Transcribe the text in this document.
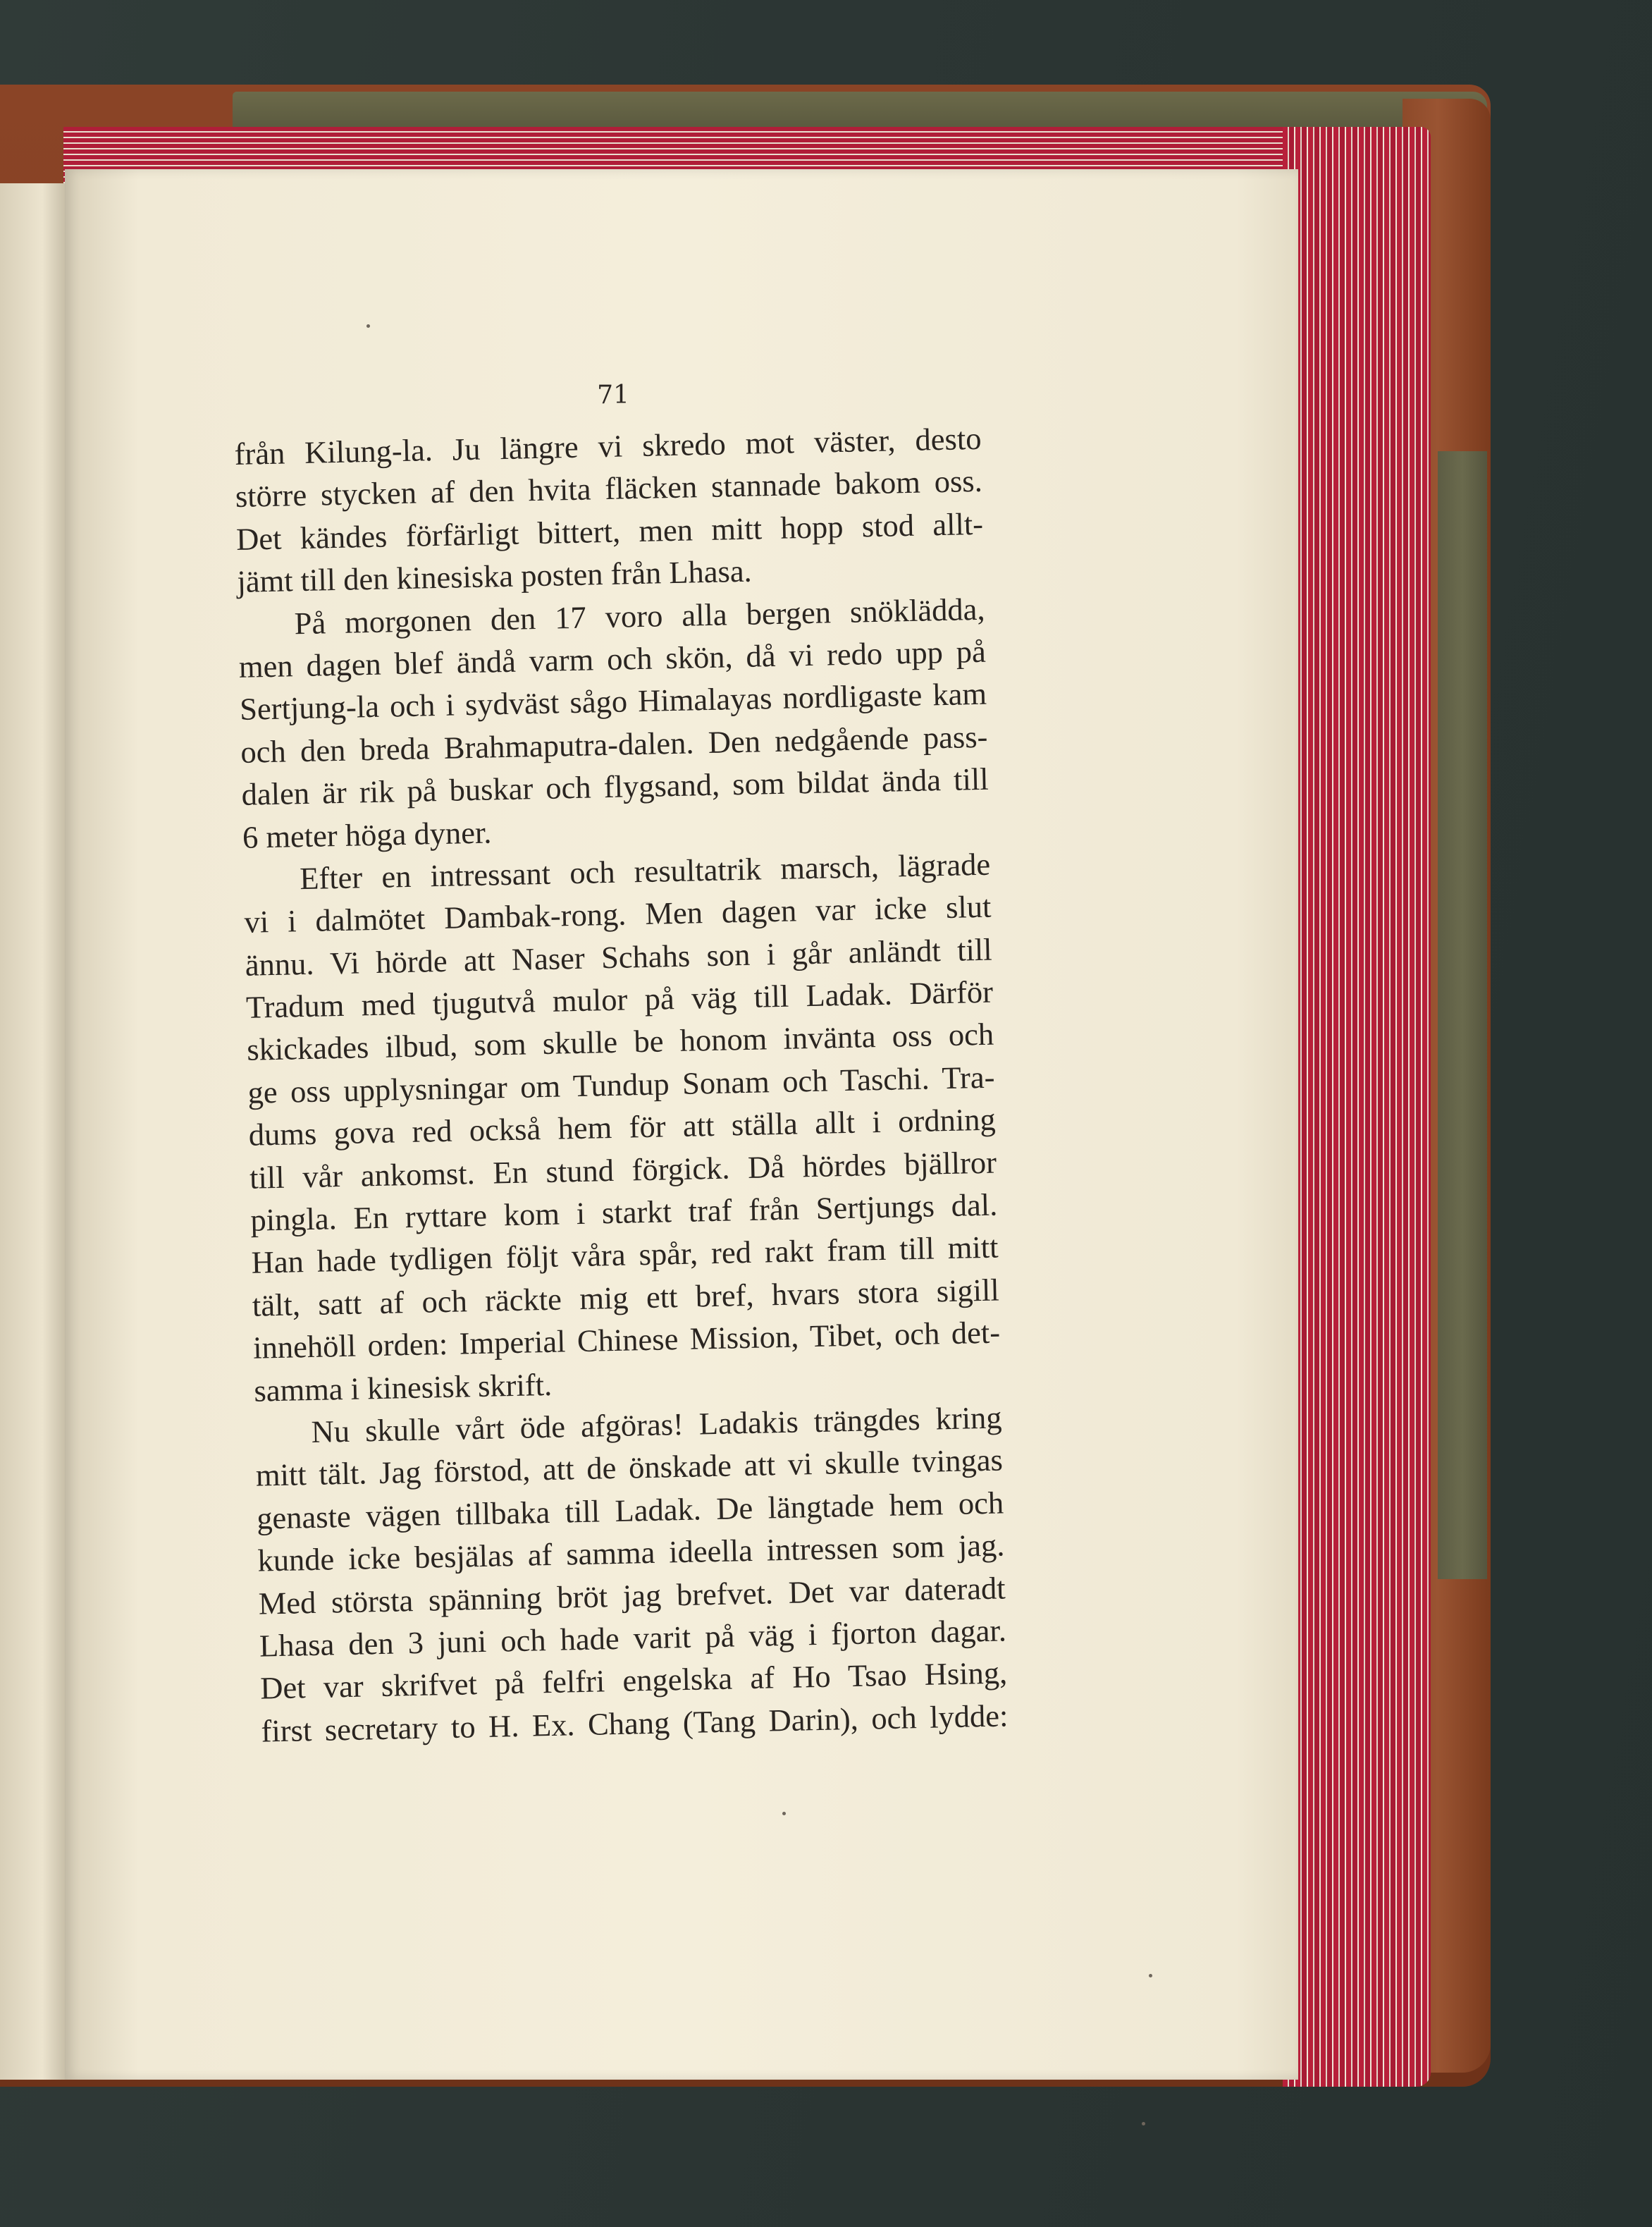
71
från Kilung-la. Ju längre vi skredo mot väster, desto
större stycken af den hvita fläcken stannade bakom oss.
Det kändes förfärligt bittert, men mitt hopp stod allt-
jämt till den kinesiska posten från Lhasa.
På morgonen den 17 voro alla bergen snöklädda,
men dagen blef ändå varm och skön, då vi redo upp på
Sertjung-la och i sydväst sågo Himalayas nordligaste kam
och den breda Brahmaputra-dalen. Den nedgående pass-
dalen är rik på buskar och flygsand, som bildat ända till
6 meter höga dyner.
Efter en intressant och resultatrik marsch, lägrade
vi i dalmötet Dambak-rong. Men dagen var icke slut
ännu. Vi hörde att Naser Schahs son i går anländt till
Tradum med tjugutvå mulor på väg till Ladak. Därför
skickades ilbud, som skulle be honom invänta oss och
ge oss upplysningar om Tundup Sonam och Taschi. Tra-
dums gova red också hem för att ställa allt i ordning
till vår ankomst. En stund förgick. Då hördes bjällror
pingla. En ryttare kom i starkt traf från Sertjungs dal.
Han hade tydligen följt våra spår, red rakt fram till mitt
tält, satt af och räckte mig ett bref, hvars stora sigill
innehöll orden: Imperial Chinese Mission, Tibet, och det-
samma i kinesisk skrift.
Nu skulle vårt öde afgöras! Ladakis trängdes kring
mitt tält. Jag förstod, att de önskade att vi skulle tvingas
genaste vägen tillbaka till Ladak. De längtade hem och
kunde icke besjälas af samma ideella intressen som jag.
Med största spänning bröt jag brefvet. Det var dateradt
Lhasa den 3 juni och hade varit på väg i fjorton dagar.
Det var skrifvet på felfri engelska af Ho Tsao Hsing,
first secretary to H. Ex. Chang (Tang Darin), och lydde:
